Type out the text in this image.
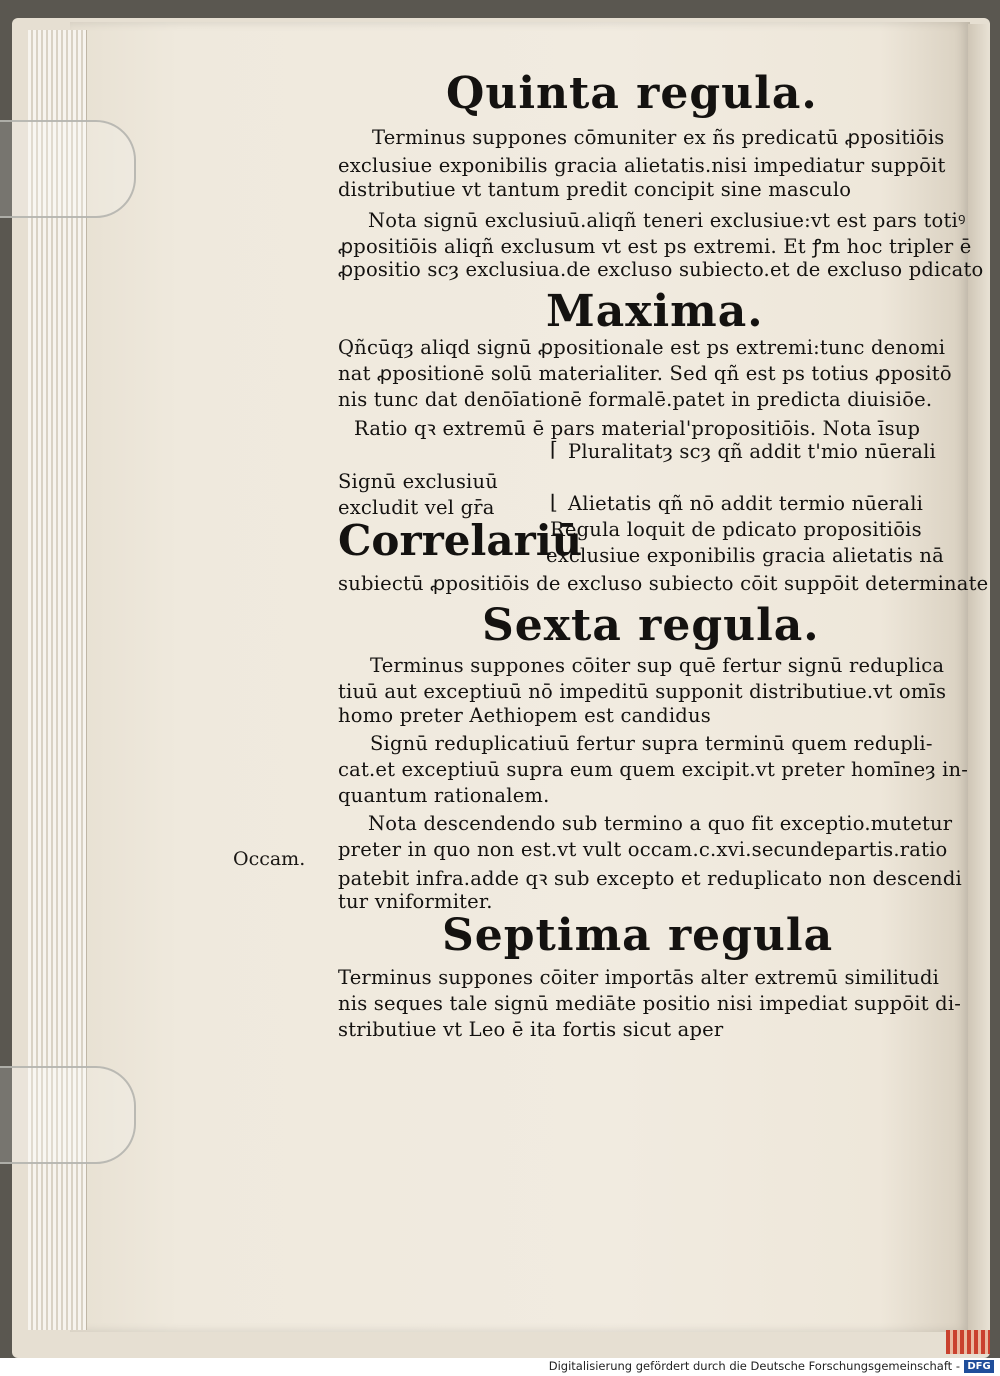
Quinta regula.
Terminus suppones cōmuniter ex ñs predicatū ꝓpositiōis
exclusiue exponibilis gracia alietatis.nisi impediatur suppōit
distributiue vt tantum predit concipit sine masculo
Nota signū exclusiuū.aliqñ teneri exclusiue:vt est pars totiꝰ
ꝓpositiōis aliqñ exclusum vt est ps extremi. Et ꝭm hoc tripler ē
ꝓpositio scȝ exclusiua.de excluso subiecto.et de excluso pdicato
Maxima.
Qñcūqȝ aliqd signū ꝓpositionale est ps extremi:tunc denomi
nat ꝓpositionē solū materialiter. Sed qñ est ps totius ꝓpositō
nis tunc dat denōīationē formalē.patet in predicta diuisiōe.
Ratio qꝛ extremū ē pars material'propositiōis. Nota īsup
⌈ Pluralitatȝ scȝ qñ addit t'mio nūerali
Signū exclusiuū
excludit vel gr̄a	⌊ Alietatis qñ nō addit termio nūerali
Correlariū
Regula loquit de pdicato propositiōis
exclusiue exponibilis gracia alietatis nā
subiectū ꝓpositiōis de excluso subiecto cōit suppōit determinate
Sexta regula.
Terminus suppones cōiter sup quē fertur signū reduplica
tiuū aut exceptiuū nō impeditū supponit distributiue.vt omīs
homo preter Aethiopem est candidus
Signū reduplicatiuū fertur supra terminū quem redupli-
cat.et exceptiuū supra eum quem excipit.vt preter homīneȝ in-
quantum rationalem.
Nota descendendo sub termino a quo fit exceptio.mutetur
preter in quo non est.vt vult occam.c.xvi.secundepartis.ratio
patebit infra.adde qꝛ sub excepto et reduplicato non descendi
tur vniformiter.
Septima regula
Terminus suppones cōiter importās alter extremū similitudi
nis seques tale signū mediāte positio nisi impediat suppōit di-
stributiue vt Leo ē ita fortis sicut aper
Occam.
Digitalisierung gefördert durch die Deutsche Forschungsgemeinschaft - DFG
